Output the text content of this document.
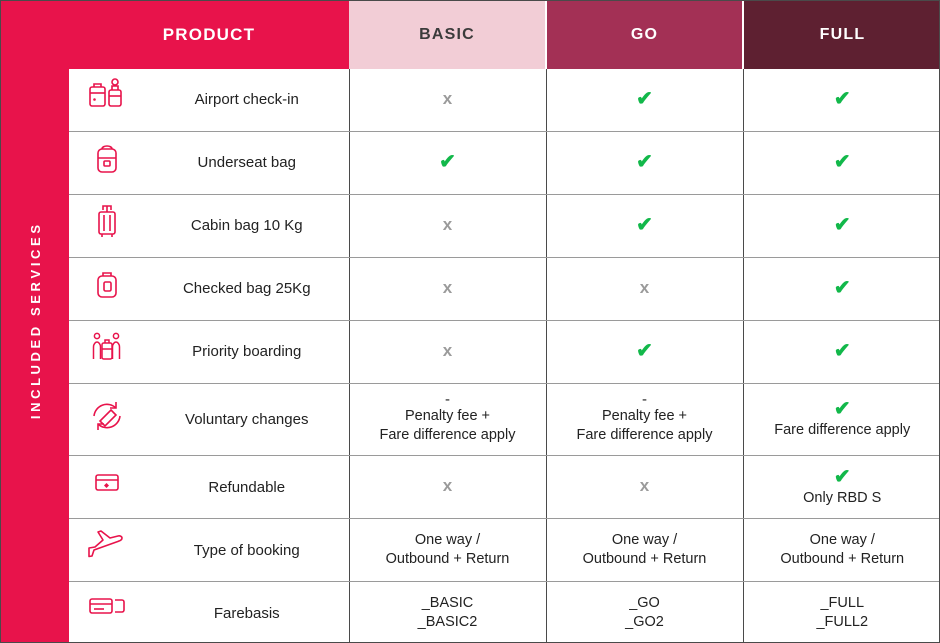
I N C L U D E D   S E R V I C E S
PRODUCT		BASIC	GO	FULL

	Airport check-in	x	✔	✔

	Underseat bag	✔	✔	✔

	Cabin bag 10 Kg	x	✔	✔

	Checked bag 25Kg	x	x	✔

	Priority boarding	x	✔	✔

	Voluntary changes	-
Penalty fee +
Fare difference apply	-
Penalty fee +
Fare difference apply	✔
Fare difference apply

	Refundable	x	x	✔
Only RBD S

	Type of booking	One way /
Outbound + Return	One way /
Outbound + Return	One way /
Outbound + Return

	Farebasis	_BASIC
_BASIC2	_GO
_GO2	_FULL
_FULL2
